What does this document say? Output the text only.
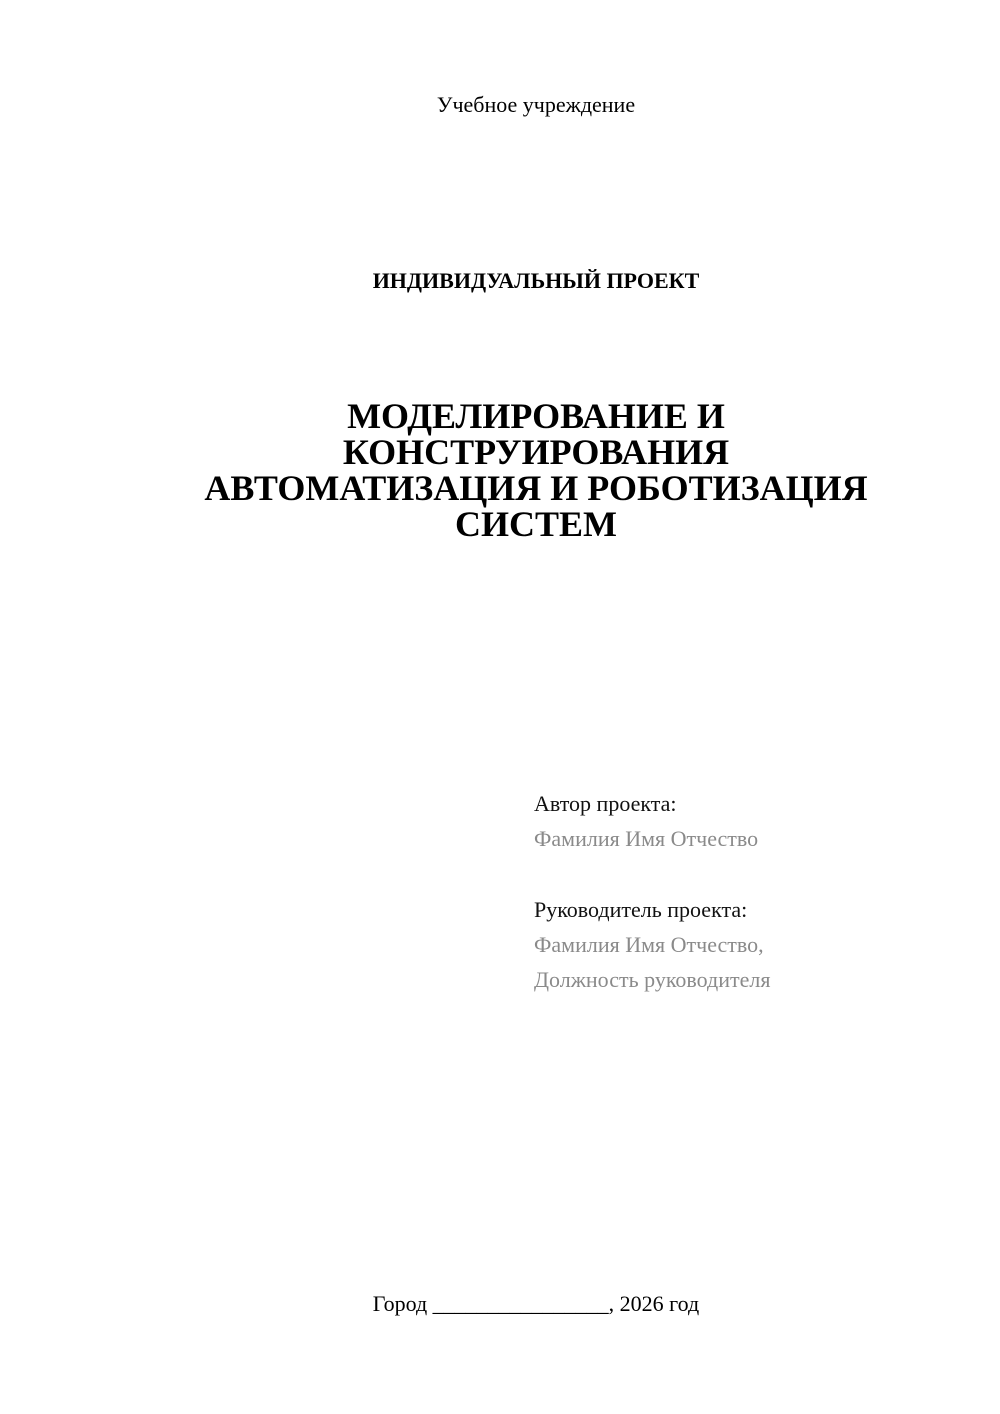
Учебное учреждение
ИНДИВИДУАЛЬНЫЙ ПРОЕКТ
МОДЕЛИРОВАНИЕ И
КОНСТРУИРОВАНИЯ
АВТОМАТИЗАЦИЯ И РОБОТИЗАЦИЯ
СИСТЕМ
Автор проекта:
Фамилия Имя Отчество
Руководитель проекта:
Фамилия Имя Отчество,
Должность руководителя
Город ________________, 2026 год
